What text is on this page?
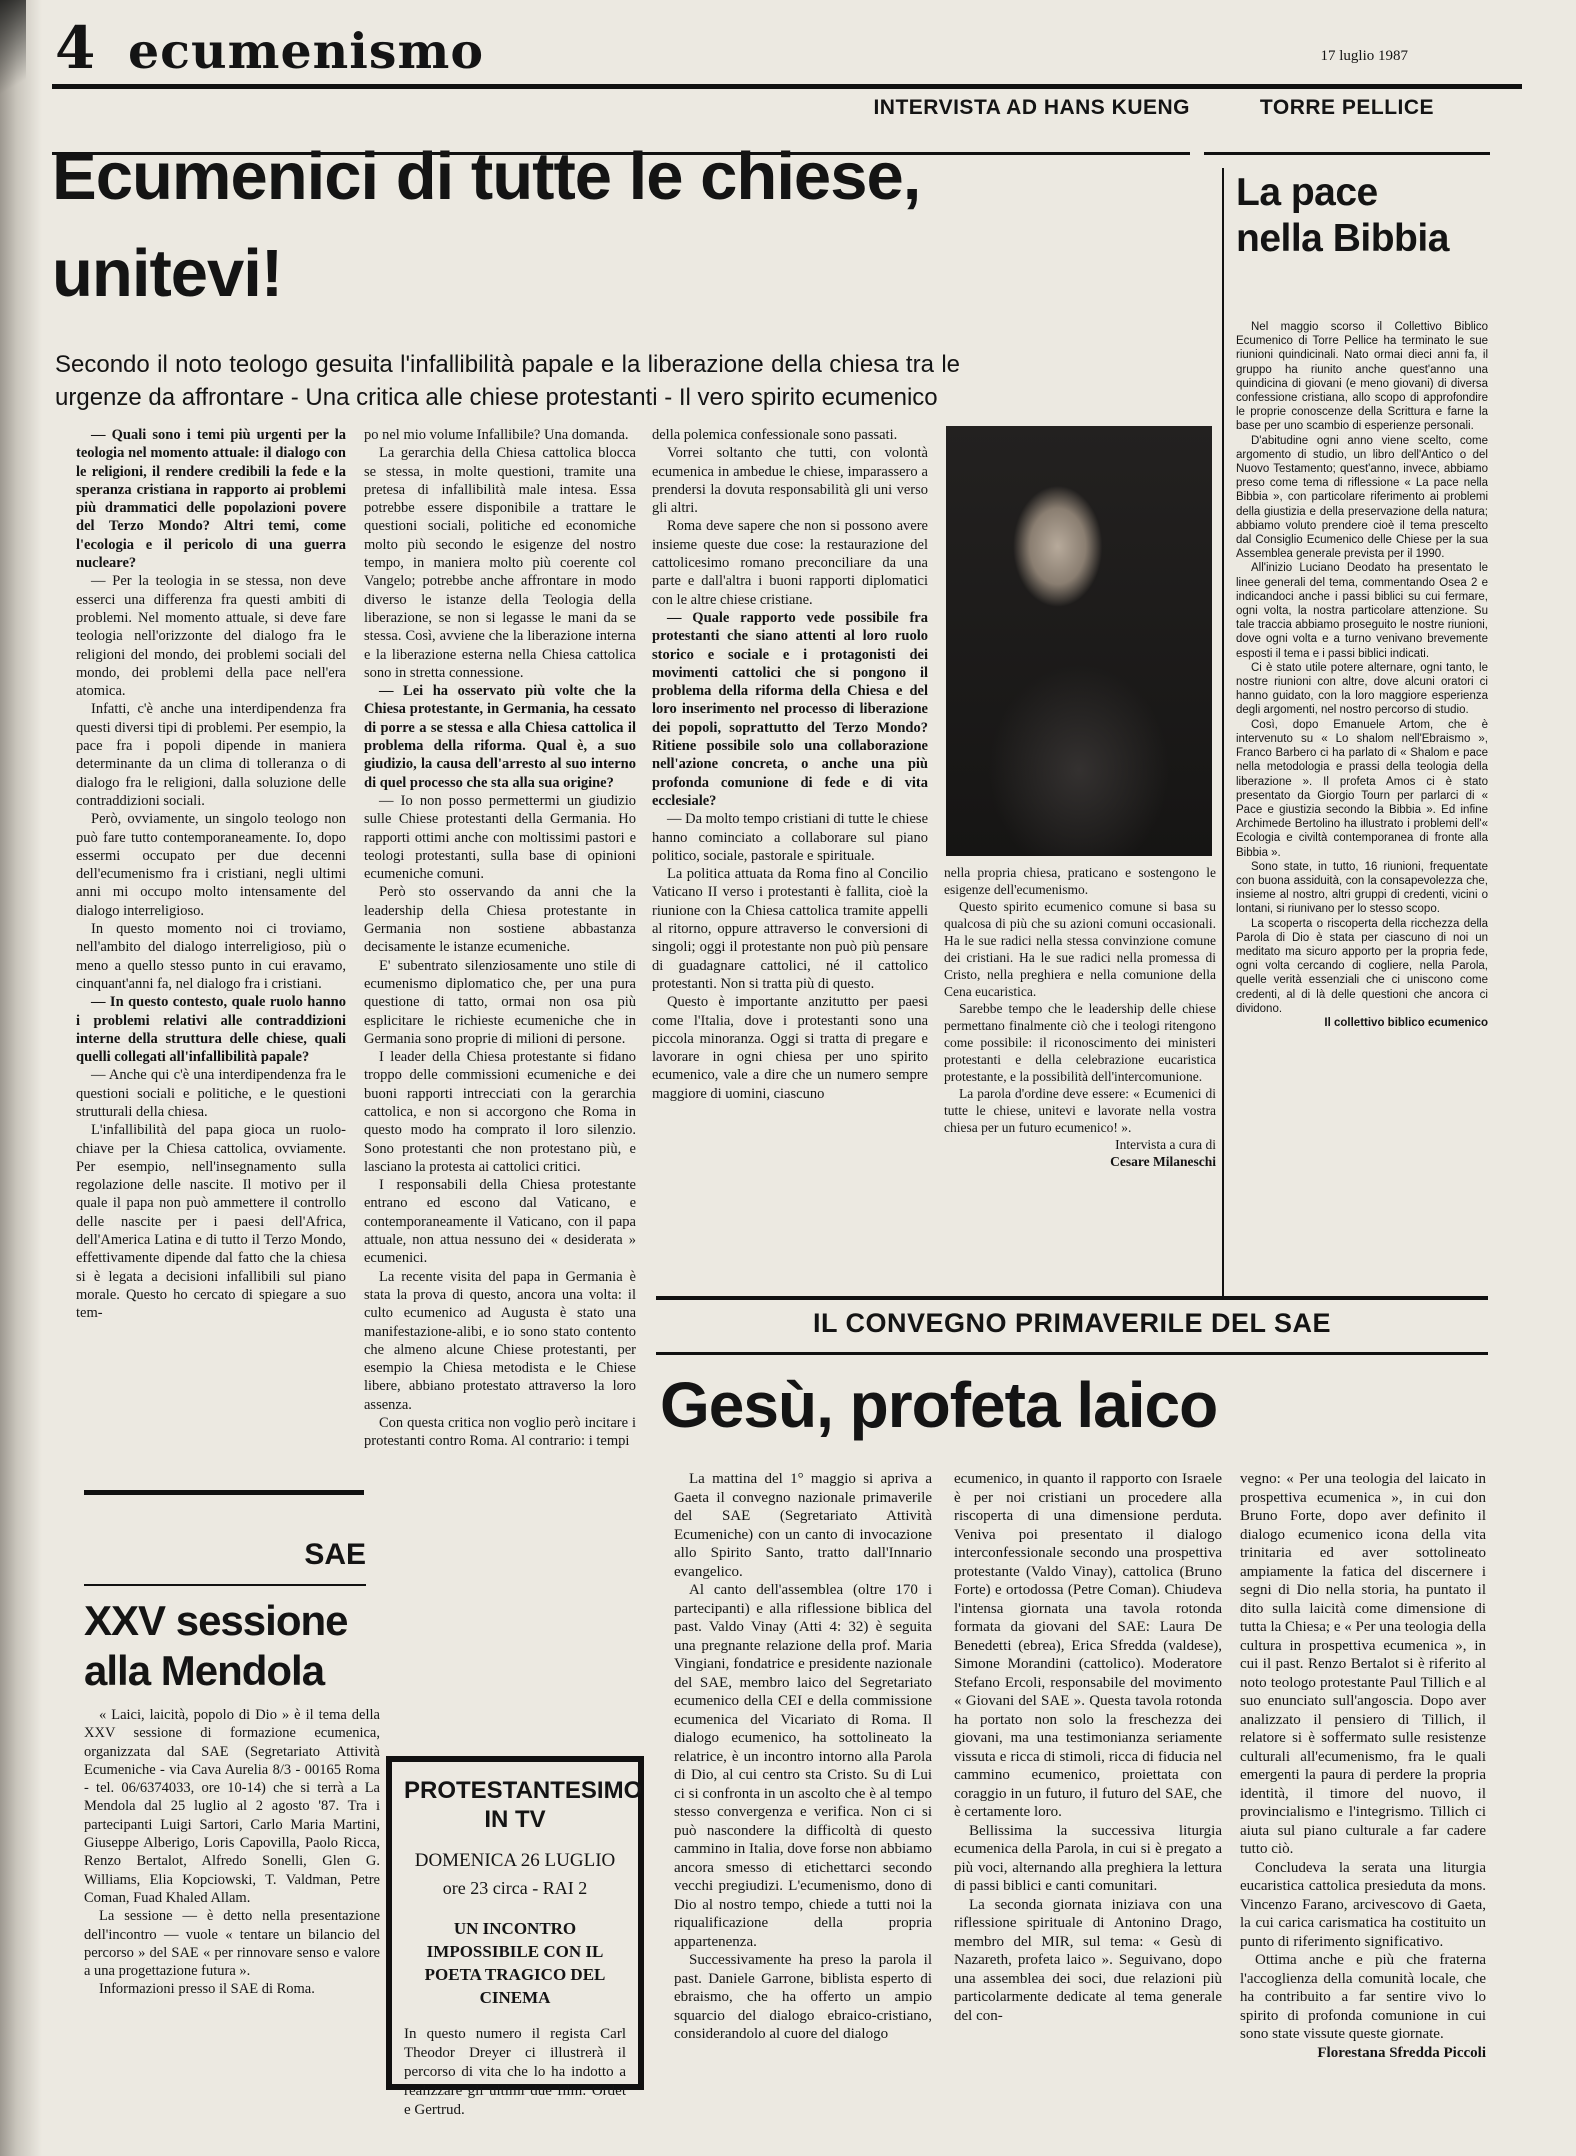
4 ecumenismo	17 luglio 1987
INTERVISTA AD HANS KUENG	TORRE PELLICE
Ecumenici di tutte le chiese,
unitevi!
Secondo il noto teologo gesuita l'infallibilità papale e la liberazione della chiesa tra le urgenze da affrontare - Una critica alle chiese protestanti - Il vero spirito ecumenico

— Quali sono i temi più urgenti per la teologia nel momento attuale: il dialogo con le religioni, il rendere credibili la fede e la speranza cristiana in rapporto ai problemi più drammatici delle popolazioni povere del Terzo Mondo? Altri temi, come l'ecologia e il pericolo di una guerra nucleare?

— Per la teologia in se stessa, non deve esserci una differenza fra questi ambiti di problemi. Nel momento attuale, si deve fare teologia nell'orizzonte del dialogo fra le religioni del mondo, dei problemi sociali del mondo, dei problemi della pace nell'era atomica.

Infatti, c'è anche una interdipendenza fra questi diversi tipi di problemi. Per esempio, la pace fra i popoli dipende in maniera determinante da un clima di tolleranza o di dialogo fra le religioni, dalla soluzione delle contraddizioni sociali.

Però, ovviamente, un singolo teologo non può fare tutto contemporaneamente. Io, dopo essermi occupato per due decenni dell'ecumenismo fra i cristiani, negli ultimi anni mi occupo molto intensamente del dialogo interreligioso.

In questo momento noi ci troviamo, nell'ambito del dialogo interreligioso, più o meno a quello stesso punto in cui eravamo, cinquant'anni fa, nel dialogo fra i cristiani.

— In questo contesto, quale ruolo hanno i problemi relativi alle contraddizioni interne della struttura delle chiese, quali quelli collegati all'infallibilità papale?

— Anche qui c'è una interdipendenza fra le questioni sociali e politiche, e le questioni strutturali della chiesa.

L'infallibilità del papa gioca un ruolo-chiave per la Chiesa cattolica, ovviamente. Per esempio, nell'insegnamento sulla regolazione delle nascite. Il motivo per il quale il papa non può ammettere il controllo delle nascite per i paesi dell'Africa, dell'America Latina e di tutto il Terzo Mondo, effettivamente dipende dal fatto che la chiesa si è legata a decisioni infallibili sul piano morale. Questo ho cercato di spiegare a suo tem-

po nel mio volume Infallibile? Una domanda.

La gerarchia della Chiesa cattolica blocca se stessa, in molte questioni, tramite una pretesa di infallibilità male intesa. Essa potrebbe essere disponibile a trattare le questioni sociali, politiche ed economiche molto più secondo le esigenze del nostro tempo, in maniera molto più coerente col Vangelo; potrebbe anche affrontare in modo diverso le istanze della Teologia della liberazione, se non si legasse le mani da se stessa. Così, avviene che la liberazione interna e la liberazione esterna nella Chiesa cattolica sono in stretta connessione.

— Lei ha osservato più volte che la Chiesa protestante, in Germania, ha cessato di porre a se stessa e alla Chiesa cattolica il problema della riforma. Qual è, a suo giudizio, la causa dell'arresto al suo interno di quel processo che sta alla sua origine?

— Io non posso permettermi un giudizio sulle Chiese protestanti della Germania. Ho rapporti ottimi anche con moltissimi pastori e teologi protestanti, sulla base di opinioni ecumeniche comuni.

Però sto osservando da anni che la leadership della Chiesa protestante in Germania non sostiene abbastanza decisamente le istanze ecumeniche.

E' subentrato silenziosamente uno stile di ecumenismo diplomatico che, per una pura questione di tatto, ormai non osa più esplicitare le richieste ecumeniche che in Germania sono proprie di milioni di persone.

I leader della Chiesa protestante si fidano troppo delle commissioni ecumeniche e dei buoni rapporti intrecciati con la gerarchia cattolica, e non si accorgono che Roma in questo modo ha comprato il loro silenzio. Sono protestanti che non protestano più, e lasciano la protesta ai cattolici critici.

I responsabili della Chiesa protestante entrano ed escono dal Vaticano, e contemporaneamente il Vaticano, con il papa attuale, non attua nessuno dei « desiderata » ecumenici.

La recente visita del papa in Germania è stata la prova di questo, ancora una volta: il culto ecumenico ad Augusta è stato una manifestazione-alibi, e io sono stato contento che almeno alcune Chiese protestanti, per esempio la Chiesa metodista e le Chiese libere, abbiano protestato attraverso la loro assenza.

Con questa critica non voglio però incitare i protestanti contro Roma. Al contrario: i tempi

della polemica confessionale sono passati.

Vorrei soltanto che tutti, con volontà ecumenica in ambedue le chiese, imparassero a prendersi la dovuta responsabilità gli uni verso gli altri.

Roma deve sapere che non si possono avere insieme queste due cose: la restaurazione del cattolicesimo romano preconciliare da una parte e dall'altra i buoni rapporti diplomatici con le altre chiese cristiane.

— Quale rapporto vede possibile fra protestanti che siano attenti al loro ruolo storico e sociale e i protagonisti dei movimenti cattolici che si pongono il problema della riforma della Chiesa e del loro inserimento nel processo di liberazione dei popoli, soprattutto del Terzo Mondo? Ritiene possibile solo una collaborazione nell'azione concreta, o anche una più profonda comunione di fede e di vita ecclesiale?

— Da molto tempo cristiani di tutte le chiese hanno cominciato a collaborare sul piano politico, sociale, pastorale e spirituale.

La politica attuata da Roma fino al Concilio Vaticano II verso i protestanti è fallita, cioè la riunione con la Chiesa cattolica tramite appelli al ritorno, oppure attraverso le conversioni di singoli; oggi il protestante non può più pensare di guadagnare cattolici, né il cattolico protestanti. Non si tratta più di questo.

Questo è importante anzitutto per paesi come l'Italia, dove i protestanti sono una piccola minoranza. Oggi si tratta di pregare e lavorare in ogni chiesa per uno spirito ecumenico, vale a dire che un numero sempre maggiore di uomini, ciascuno

nella propria chiesa, praticano e sostengono le esigenze dell'ecumenismo.

Questo spirito ecumenico comune si basa su qualcosa di più che su azioni comuni occasionali. Ha le sue radici nella stessa convinzione comune dei cristiani. Ha le sue radici nella promessa di Cristo, nella preghiera e nella comunione della Cena eucaristica.

Sarebbe tempo che le leadership delle chiese permettano finalmente ciò che i teologi ritengono come possibile: il riconoscimento dei ministeri protestanti e della celebrazione eucaristica protestante, e la possibilità dell'intercomunione.

La parola d'ordine deve essere: « Ecumenici di tutte le chiese, unitevi e lavorate nella vostra chiesa per un futuro ecumenico! ».

Intervista a cura di

Cesare Milaneschi

SAE
XXV sessione
alla Mendola

« Laici, laicità, popolo di Dio » è il tema della XXV sessione di formazione ecumenica, organizzata dal SAE (Segretariato Attività Ecumeniche - via Cava Aurelia 8/3 - 00165 Roma - tel. 06/6374033, ore 10-14) che si terrà a La Mendola dal 25 luglio al 2 agosto '87. Tra i partecipanti Luigi Sartori, Carlo Maria Martini, Giuseppe Alberigo, Loris Capovilla, Paolo Ricca, Renzo Bertalot, Alfredo Sonelli, Glen G. Williams, Elia Kopciowski, T. Valdman, Petre Coman, Fuad Khaled Allam.

La sessione — è detto nella presentazione dell'incontro — vuole « tentare un bilancio del percorso » del SAE « per rinnovare senso e valore a una progettazione futura ».

Informazioni presso il SAE di Roma.

PROTESTANTESIMO
IN TV

DOMENICA 26 LUGLIO

ore 23 circa - RAI 2

UN INCONTRO IMPOSSIBILE CON IL POETA TRAGICO DEL CINEMA

In questo numero il regista Carl Theodor Dreyer ci illustrerà il percorso di vita che lo ha indotto a realizzare gli ultimi due film: Ordet e Gertrud.

La pace
nella Bibbia

Nel maggio scorso il Collettivo Biblico Ecumenico di Torre Pellice ha terminato le sue riunioni quindicinali. Nato ormai dieci anni fa, il gruppo ha riunito anche quest'anno una quindicina di giovani (e meno giovani) di diversa confessione cristiana, allo scopo di approfondire le proprie conoscenze della Scrittura e farne la base per uno scambio di esperienze personali.

D'abitudine ogni anno viene scelto, come argomento di studio, un libro dell'Antico o del Nuovo Testamento; quest'anno, invece, abbiamo preso come tema di riflessione « La pace nella Bibbia », con particolare riferimento ai problemi della giustizia e della preservazione della natura; abbiamo voluto prendere cioè il tema prescelto dal Consiglio Ecumenico delle Chiese per la sua Assemblea generale prevista per il 1990.

All'inizio Luciano Deodato ha presentato le linee generali del tema, commentando Osea 2 e indicandoci anche i passi biblici su cui fermare, ogni volta, la nostra particolare attenzione. Su tale traccia abbiamo proseguito le nostre riunioni, dove ogni volta e a turno venivano brevemente esposti il tema e i passi biblici indicati.

Ci è stato utile potere alternare, ogni tanto, le nostre riunioni con altre, dove alcuni oratori ci hanno guidato, con la loro maggiore esperienza degli argomenti, nel nostro percorso di studio.

Così, dopo Emanuele Artom, che è intervenuto su « Lo shalom nell'Ebraismo », Franco Barbero ci ha parlato di « Shalom e pace nella metodologia e prassi della teologia della liberazione ». Il profeta Amos ci è stato presentato da Giorgio Tourn per parlarci di « Pace e giustizia secondo la Bibbia ». Ed infine Archimede Bertolino ha illustrato i problemi dell'« Ecologia e civiltà contemporanea di fronte alla Bibbia ».

Sono state, in tutto, 16 riunioni, frequentate con buona assiduità, con la consapevolezza che, insieme al nostro, altri gruppi di credenti, vicini o lontani, si riunivano per lo stesso scopo.

La scoperta o riscoperta della ricchezza della Parola di Dio è stata per ciascuno di noi un meditato ma sicuro apporto per la propria fede, ogni volta cercando di cogliere, nella Parola, quelle verità essenziali che ci uniscono come credenti, al di là delle questioni che ancora ci dividono.

Il collettivo biblico ecumenico

IL CONVEGNO PRIMAVERILE DEL SAE
Gesù, profeta laico

La mattina del 1° maggio si apriva a Gaeta il convegno nazionale primaverile del SAE (Segretariato Attività Ecumeniche) con un canto di invocazione allo Spirito Santo, tratto dall'Innario evangelico.

Al canto dell'assemblea (oltre 170 i partecipanti) e alla riflessione biblica del past. Valdo Vinay (Atti 4: 32) è seguita una pregnante relazione della prof. Maria Vingiani, fondatrice e presidente nazionale del SAE, membro laico del Segretariato ecumenico della CEI e della commissione ecumenica del Vicariato di Roma. Il dialogo ecumenico, ha sottolineato la relatrice, è un incontro intorno alla Parola di Dio, al cui centro sta Cristo. Su di Lui ci si confronta in un ascolto che è al tempo stesso convergenza e verifica. Non ci si può nascondere la difficoltà di questo cammino in Italia, dove forse non abbiamo ancora smesso di etichettarci secondo vecchi pregiudizi. L'ecumenismo, dono di Dio al nostro tempo, chiede a tutti noi la riqualificazione della propria appartenenza.

Successivamente ha preso la parola il past. Daniele Garrone, biblista esperto di ebraismo, che ha offerto un ampio squarcio del dialogo ebraico-cristiano, considerandolo al cuore del dialogo

ecumenico, in quanto il rapporto con Israele è per noi cristiani un procedere alla riscoperta di una dimensione perduta. Veniva poi presentato il dialogo interconfessionale secondo una prospettiva protestante (Valdo Vinay), cattolica (Bruno Forte) e ortodossa (Petre Coman). Chiudeva l'intensa giornata una tavola rotonda formata da giovani del SAE: Laura De Benedetti (ebrea), Erica Sfredda (valdese), Simone Morandini (cattolico). Moderatore Stefano Ercoli, responsabile del movimento « Giovani del SAE ». Questa tavola rotonda ha portato non solo la freschezza dei giovani, ma una testimonianza seriamente vissuta e ricca di stimoli, ricca di fiducia nel cammino ecumenico, proiettata con coraggio in un futuro, il futuro del SAE, che è certamente loro.

Bellissima la successiva liturgia ecumenica della Parola, in cui si è pregato a più voci, alternando alla preghiera la lettura di passi biblici e canti comunitari.

La seconda giornata iniziava con una riflessione spirituale di Antonino Drago, membro del MIR, sul tema: « Gesù di Nazareth, profeta laico ». Seguivano, dopo una assemblea dei soci, due relazioni più particolarmente dedicate al tema generale del con-

vegno: « Per una teologia del laicato in prospettiva ecumenica », in cui don Bruno Forte, dopo aver definito il dialogo ecumenico icona della vita trinitaria ed aver sottolineato ampiamente la fatica del discernere i segni di Dio nella storia, ha puntato il dito sulla laicità come dimensione di tutta la Chiesa; e « Per una teologia della cultura in prospettiva ecumenica », in cui il past. Renzo Bertalot si è riferito al noto teologo protestante Paul Tillich e al suo enunciato sull'angoscia. Dopo aver analizzato il pensiero di Tillich, il relatore si è soffermato sulle resistenze culturali all'ecumenismo, fra le quali emergenti la paura di perdere la propria identità, il timore del nuovo, il provincialismo e l'integrismo. Tillich ci aiuta sul piano culturale a far cadere tutto ciò.

Concludeva la serata una liturgia eucaristica cattolica presieduta da mons. Vincenzo Farano, arcivescovo di Gaeta, la cui carica carismatica ha costituito un punto di riferimento significativo.

Ottima anche e più che fraterna l'accoglienza della comunità locale, che ha contribuito a far sentire vivo lo spirito di profonda comunione in cui sono state vissute queste giornate.

Florestana Sfredda Piccoli
